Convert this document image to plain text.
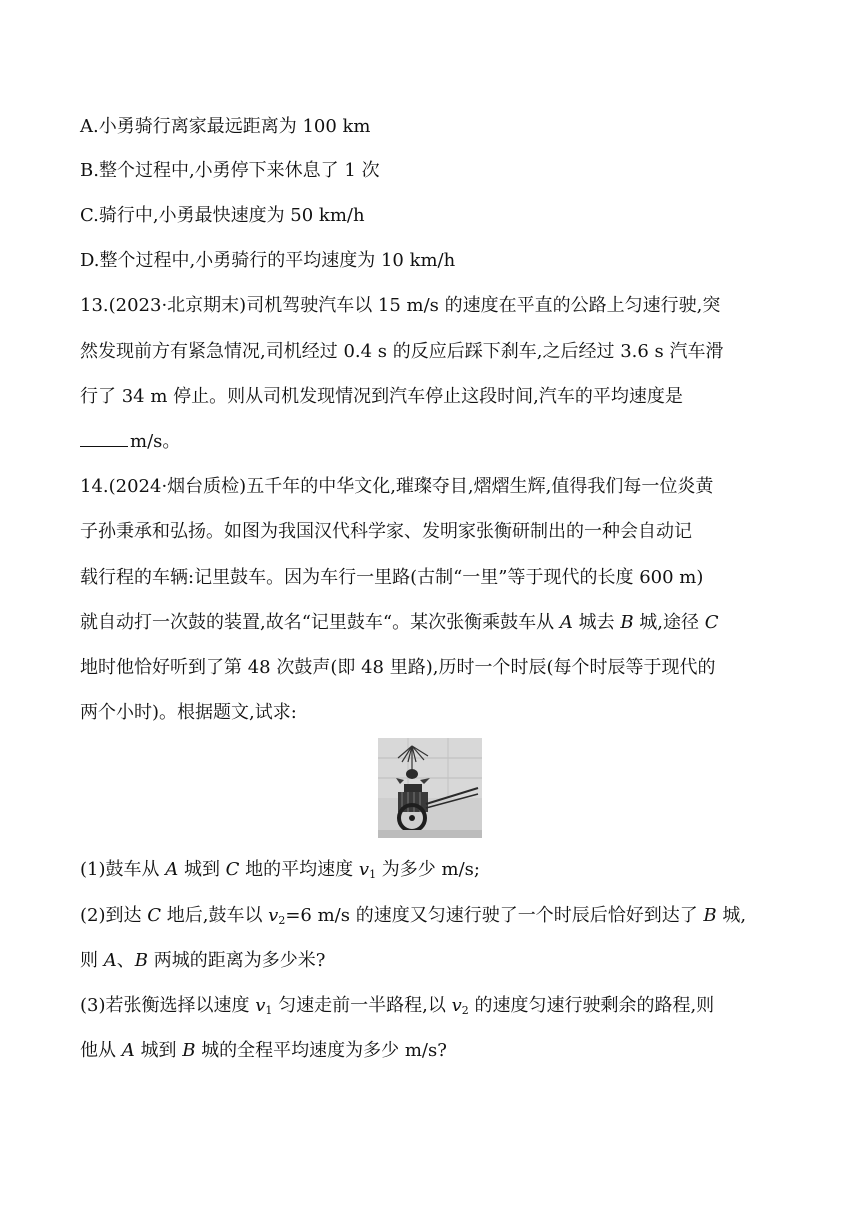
A.小勇骑行离家最远距离为 100 km
B.整个过程中,小勇停下来休息了 1 次
C.骑行中,小勇最快速度为 50 km/h
D.整个过程中,小勇骑行的平均速度为 10 km/h
13.(2023·北京期末)司机驾驶汽车以 15 m/s 的速度在平直的公路上匀速行驶,突
然发现前方有紧急情况,司机经过 0.4 s 的反应后踩下刹车,之后经过 3.6 s 汽车滑
行了 34 m 停止。则从司机发现情况到汽车停止这段时间,汽车的平均速度是
m/s。
14.(2024·烟台质检)五千年的中华文化,璀璨夺目,熠熠生辉,值得我们每一位炎黄
子孙秉承和弘扬。如图为我国汉代科学家、发明家张衡研制出的一种会自动记
载行程的车辆:记里鼓车。因为车行一里路(古制“一里”等于现代的长度 600 m)
就自动打一次鼓的装置,故名“记里鼓车“。某次张衡乘鼓车从 A 城去 B 城,途径 C
地时他恰好听到了第 48 次鼓声(即 48 里路),历时一个时辰(每个时辰等于现代的
两个小时)。根据题文,试求:
(1)鼓车从 A 城到 C 地的平均速度 $v_1$ 为多少 m/s;
(2)到达 C 地后,鼓车以 $v_2=6$ m/s 的速度又匀速行驶了一个时辰后恰好到达了 B 城,
则 A、B 两城的距离为多少米?
(3)若张衡选择以速度 $v_1$ 匀速走前一半路程,以 $v_2$ 的速度匀速行驶剩余的路程,则
他从 A 城到 B 城的全程平均速度为多少 m/s?
